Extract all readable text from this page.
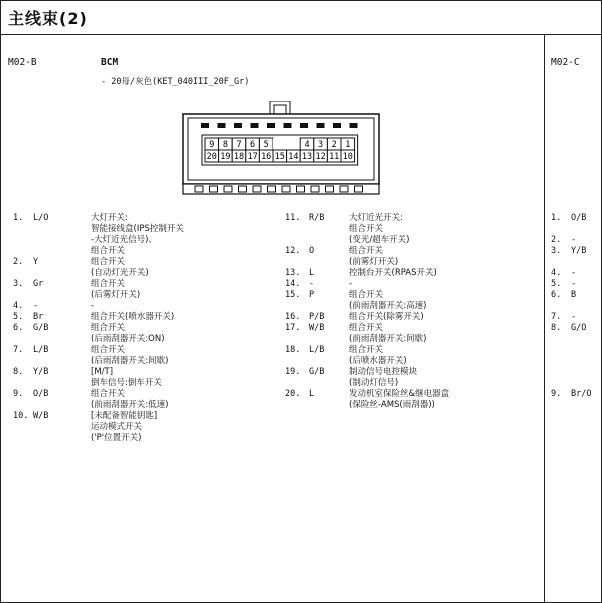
主线束(2)
M02-B	BCM
- 20母/灰色(KET_040III_20F_Gr)
M02-C
9 8 7 6 5	4 3 2 1
20 19 18 17 16 15 14 13 12 11 10
1. L/O	大灯开关:
智能接线盒(IPS控制开关
-大灯近光信号)、
组合开关
2. Y	组合开关
(自动灯光开关)
3. Gr	组合开关
(后雾灯开关)
4. -	-
5. Br	组合开关(喷水器开关)
6. G/B	组合开关
(后雨刮器开关:ON)
7. L/B	组合开关
(后雨刮器开关:间歇)
8. Y/B	[M/T]
倒车信号:倒车开关
9. O/B	组合开关
(前雨刮器开关:低速)
10. W/B	[未配备智能钥匙]
运动模式开关
('P'位置开关)
11. R/B	大灯近光开关:
组合开关
(变光/超车开关)
12. O	组合开关
(前雾灯开关)
13. L	控制台开关(RPAS开关)
14. -	-
15. P	组合开关
(前雨刮器开关:高速)
16. P/B	组合开关(除雾开关)
17. W/B	组合开关
(前雨刮器开关:间歇)
18. L/B	组合开关
(后喷水器开关)
19. G/B	制动信号电控模块
(制动灯信号)
20. L	发动机室保险丝&继电器盒
(保险丝-AMS(雨刮器))
1. O/B

2. -

3. Y/B

4. -

5. -

6. B

7. -

8. G/O

9. Br/O
